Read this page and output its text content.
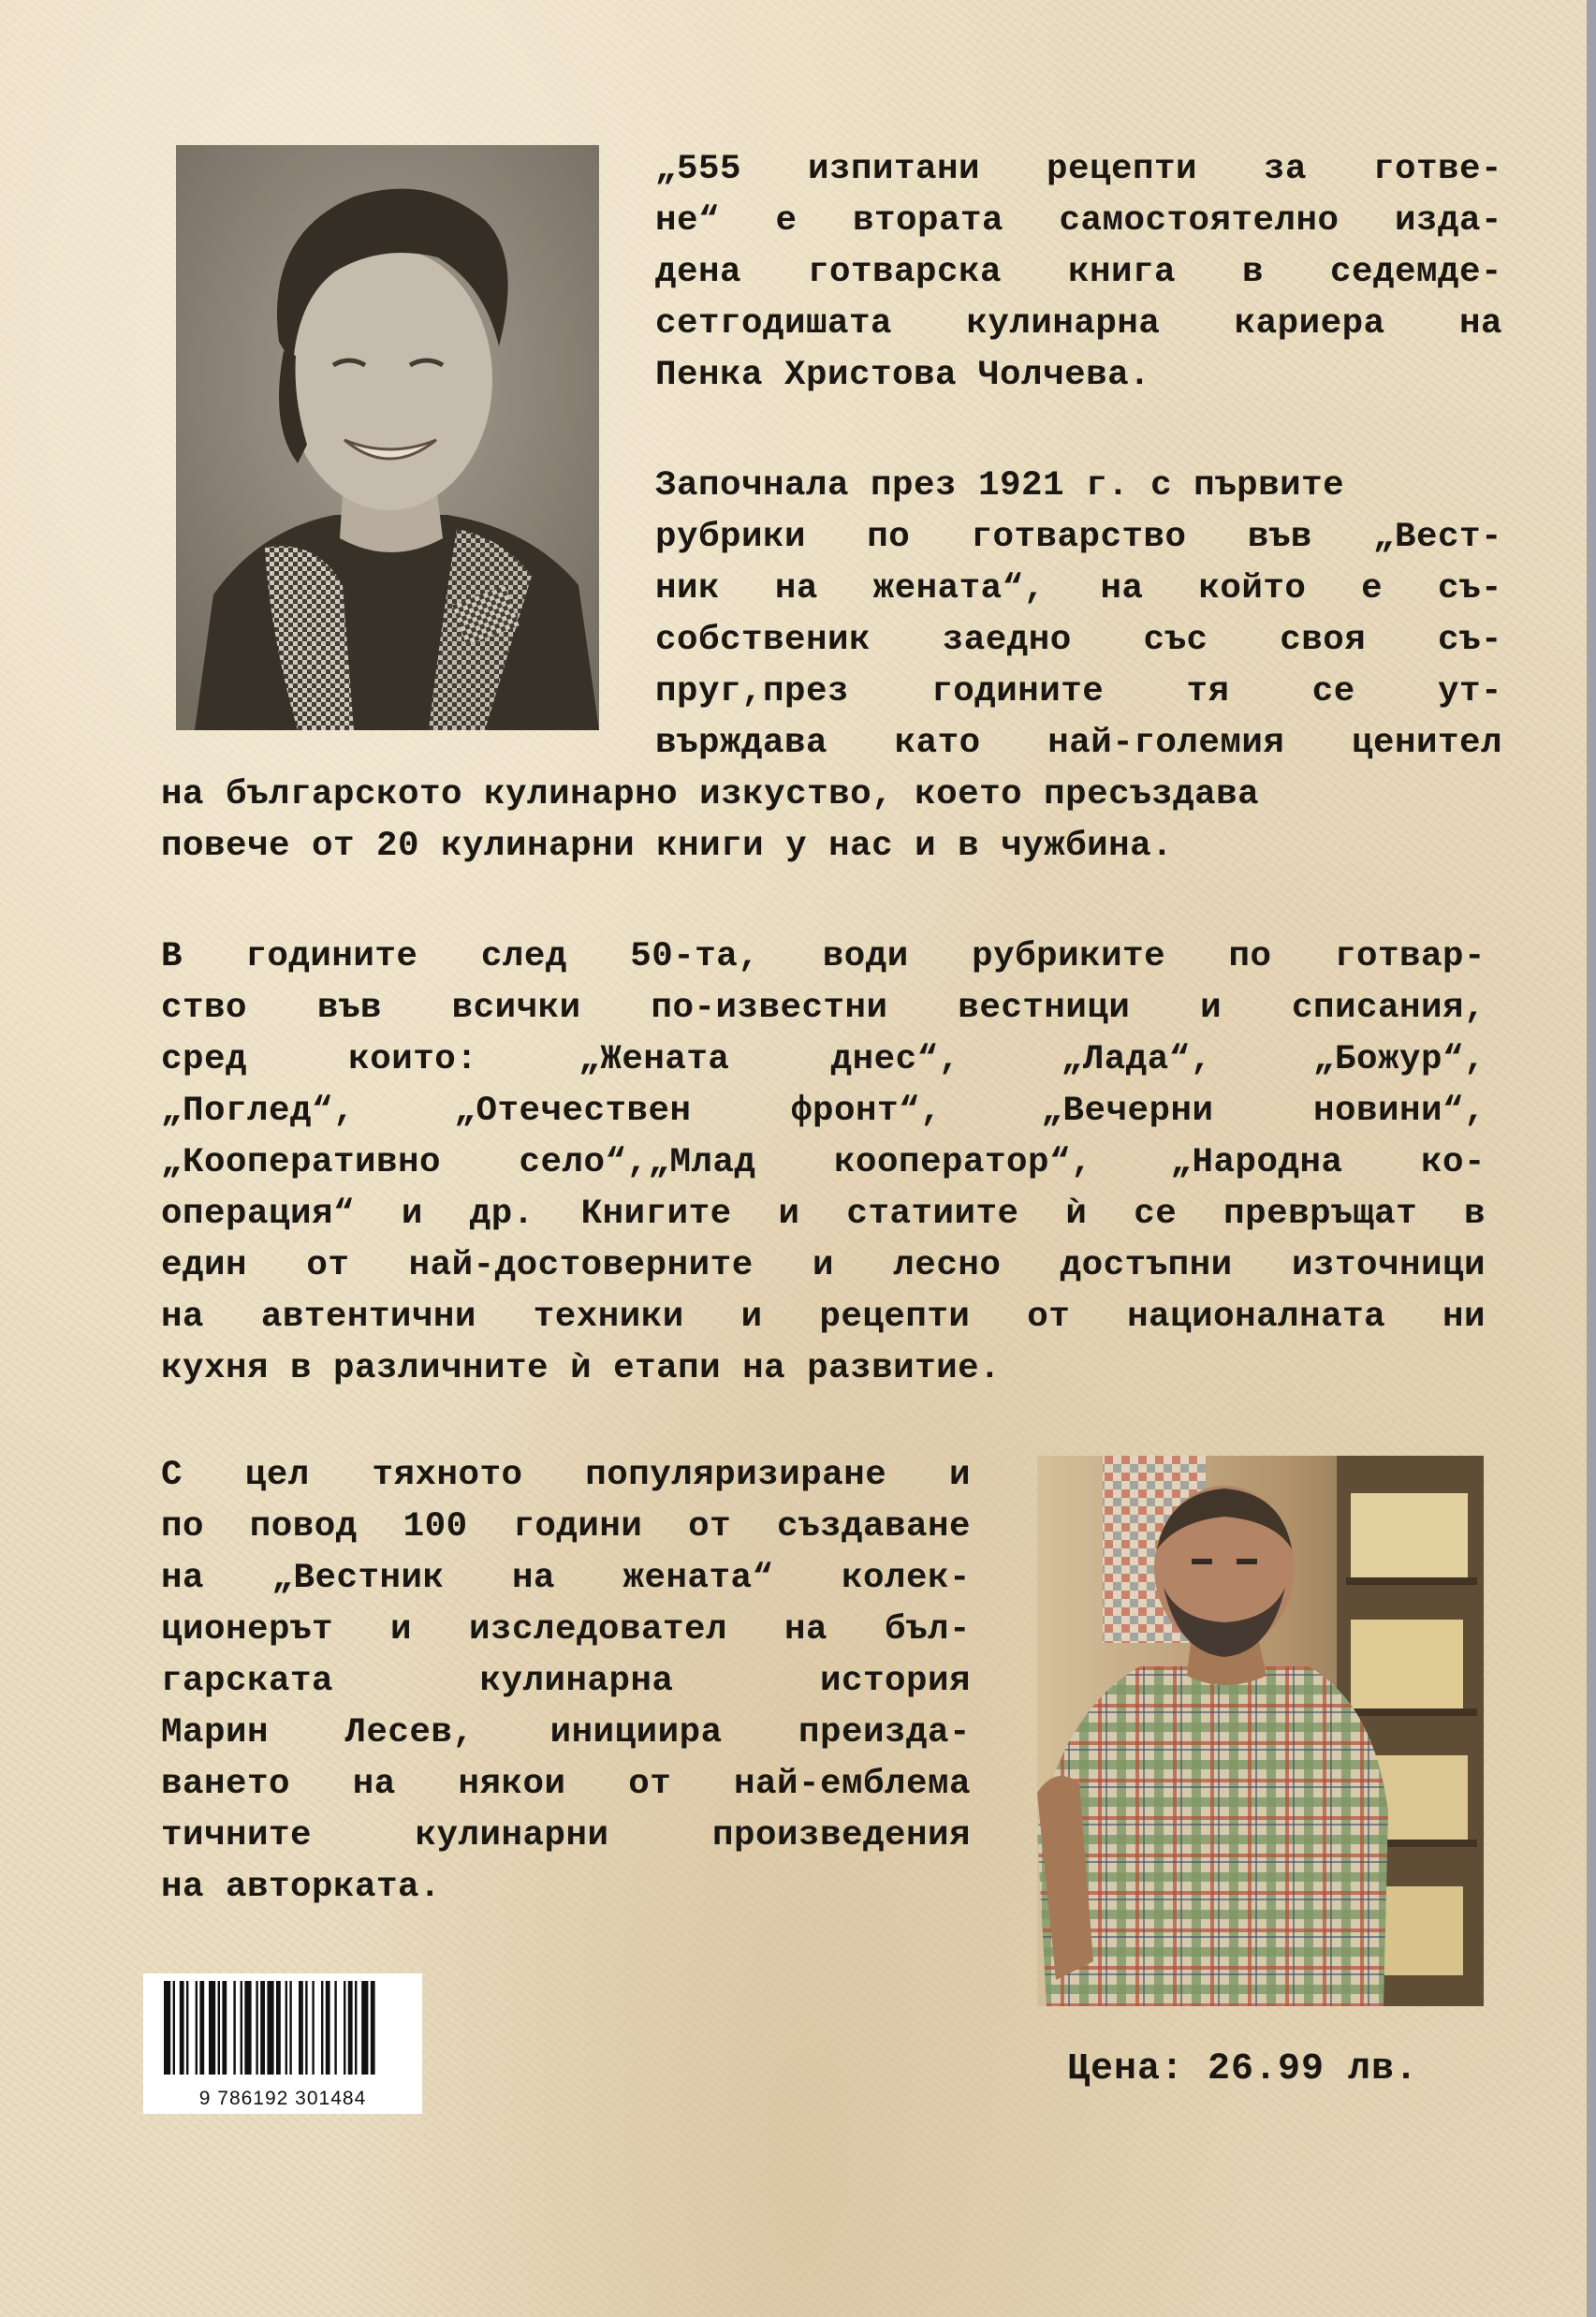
„555 изпитани рецепти за готве-
не“ е втората самостоятелно изда-
дена готварска книга в седемде-
сетгодишата кулинарна кариера на
Пенка Христова Чолчева.
Започнала през 1921 г. с първите
рубрики по готварство във „Вест-
ник на жената“, на който е съ-
собственик заедно със своя съ-
пруг,през годините тя се ут-
върждава като най-големия ценител
на българското кулинарно изкуство, което пресъздава
повече от 20 кулинарни книги у нас и в чужбина.
В годините след 50-та, води рубриките по готвар-
ство във всички по-известни вестници и списания,
сред които: „Жената днес“, „Лада“, „Божур“,
„Поглед“, „Отечествен фронт“, „Вечерни новини“,
„Кооперативно село“,„Млад кооператор“, „Народна ко-
операция“ и др. Книгите и статиите ѝ се превръщат в
един от най-достоверните и лесно достъпни източници
на автентични техники и рецепти от националната ни
кухня в различните ѝ етапи на развитие.
С цел тяхното популяризиране и
по повод 100 години от създаване
на „Вестник на жената“ колек-
ционерът и изследовател на бъл-
гарската кулинарна история
Марин Лесев, инициира преизда-
ването на някои от най-емблема
тичните кулинарни произведения
на авторката.
9 786192 301484
Цена: 26.99 лв.
